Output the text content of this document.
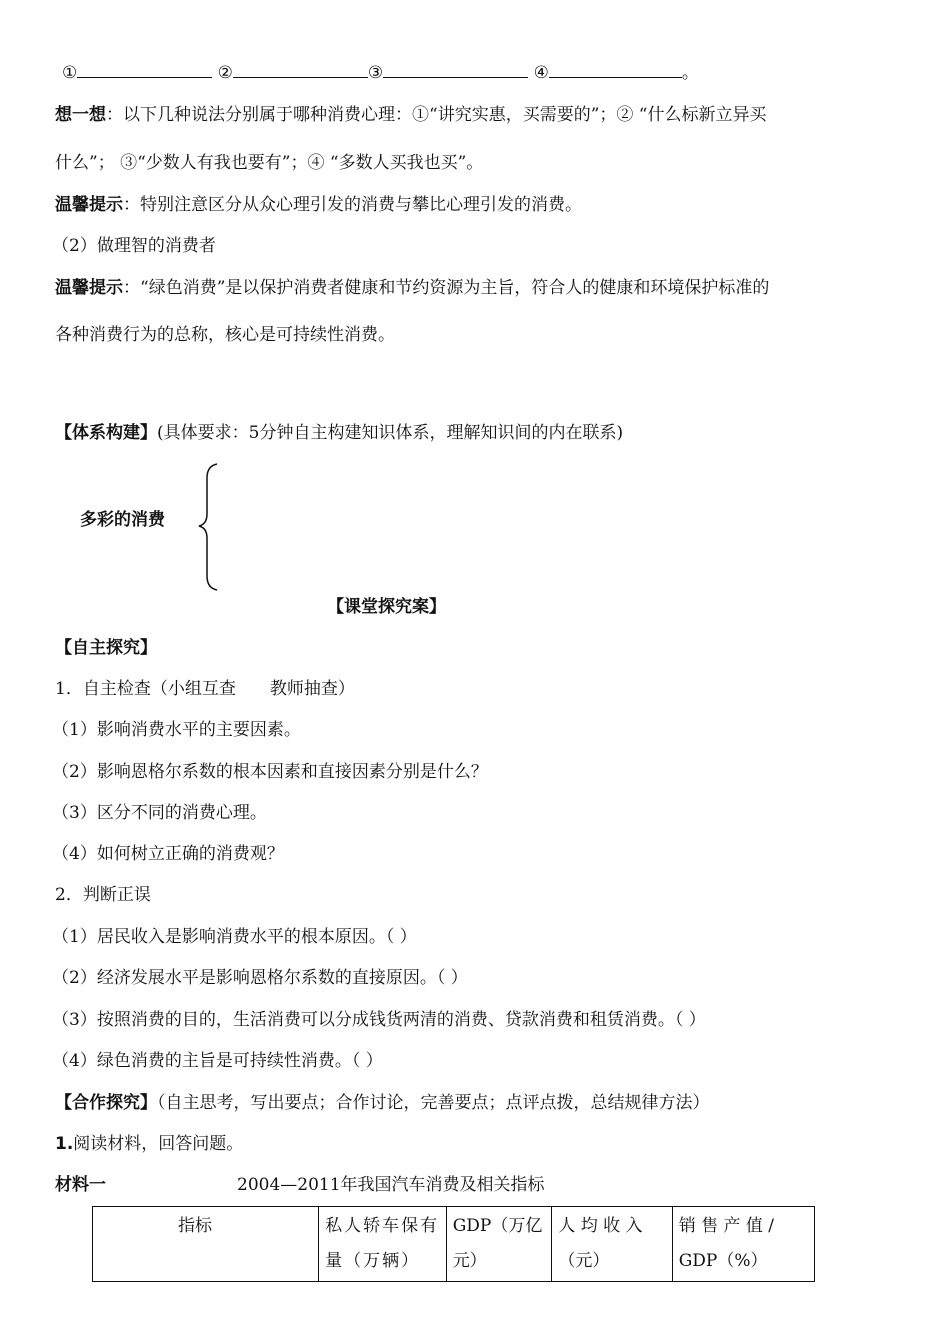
①	②	③	④	。
想一想：以下几种说法分别属于哪种消费心理：①“讲究实惠，买需要的”；② “什么标新立异买
什么”； ③“少数人有我也要有”；④ “多数人买我也买”。
温馨提示：特别注意区分从众心理引发的消费与攀比心理引发的消费。
（2）做理智的消费者
温馨提示：“绿色消费”是以保护消费者健康和节约资源为主旨，符合人的健康和环境保护标准的
各种消费行为的总称，核心是可持续性消费。
【体系构建】(具体要求：5分钟自主构建知识体系，理解知识间的内在联系)
多彩的消费
【课堂探究案】
【自主探究】
1．自主检查（小组互查　　教师抽查）
（1）影响消费水平的主要因素。
（2）影响恩格尔系数的根本因素和直接因素分别是什么？
（3）区分不同的消费心理。
（4）如何树立正确的消费观？
2．判断正误
（1）居民收入是影响消费水平的根本原因。（ ）
（2）经济发展水平是影响恩格尔系数的直接原因。（ ）
（3）按照消费的目的，生活消费可以分成钱货两清的消费、贷款消费和租赁消费。（ ）
（4）绿色消费的主旨是可持续性消费。（ ）
【合作探究】（自主思考，写出要点；合作讨论，完善要点；点评点拨，总结规律方法）
1.阅读材料，回答问题。
材料一	2004—2011年我国汽车消费及相关指标
指标	私人轿车保有量（万辆）	GDP（万亿元）	人 均 收 入（元）	销 售 产 值 / GDP（%）
